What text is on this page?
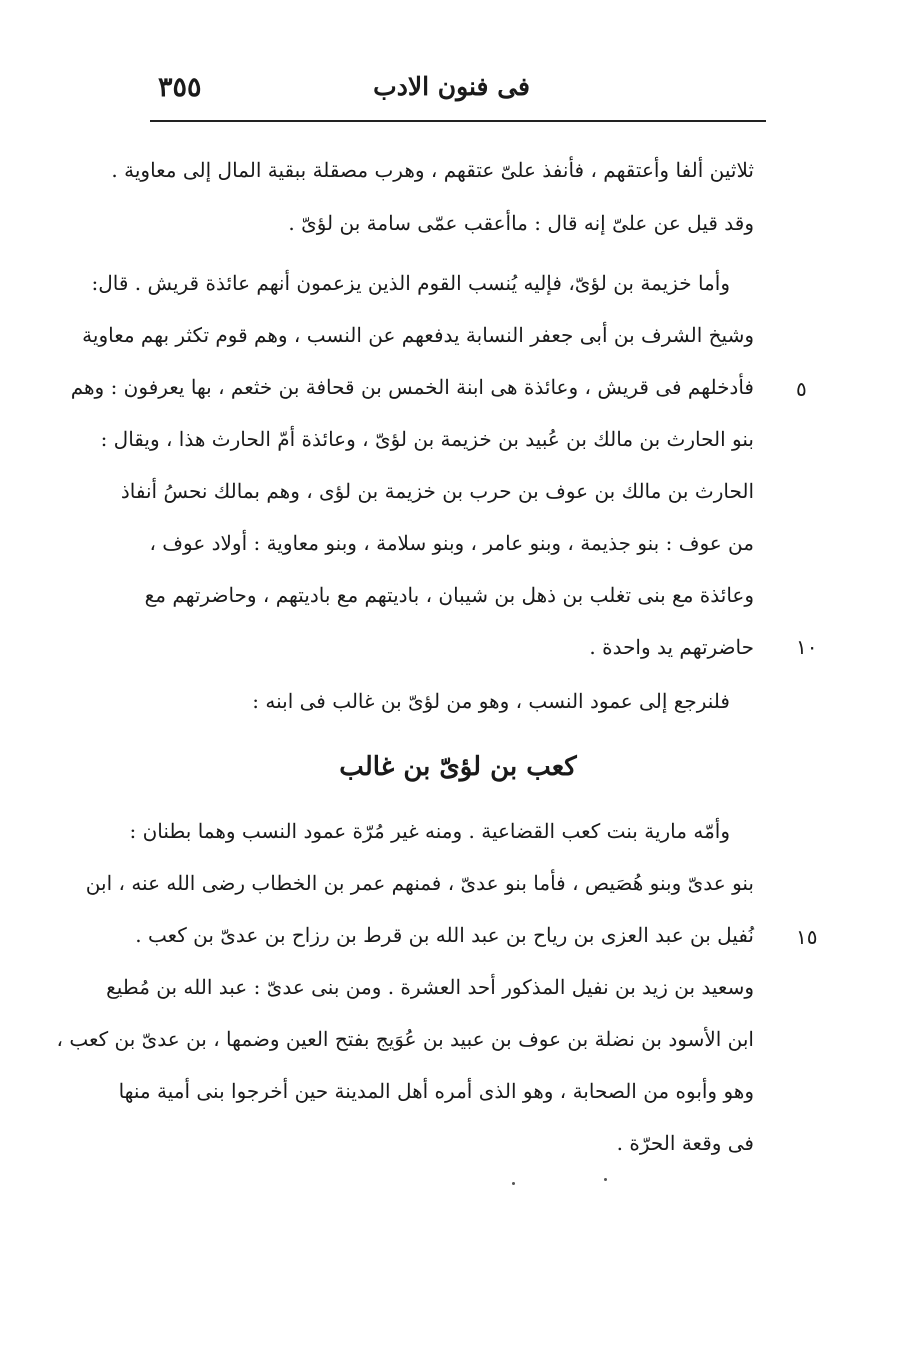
٣٥٥	فى فنون الادب
ثلاثين ألفا وأعتقهم ، فأنفذ علىّ عتقهم ، وهرب مصقلة ببقية المال إلى معاوية .
وقد قيل عن علىّ إنه قال : ماأعقب عمّى سامة بن لؤىّ .
وأما خزيمة بن لؤىّ، فإليه يُنسب القوم الذين يزعمون أنهم عائذة قريش . قال:
وشيخ الشرف بن أبى جعفر النسابة يدفعهم عن النسب ، وهم قوم تكثر بهم معاوية
فأدخلهم فى قريش ، وعائذة هى ابنة الخمس بن قحافة بن خثعم ، بها يعرفون : وهم
بنو الحارث بن مالك بن عُبيد بن خزيمة بن لؤىّ ، وعائذة أمّ الحارث هذا ، ويقال :
الحارث بن مالك بن عوف بن حرب بن خزيمة بن لؤى ، وهم بمالك نحسُ أنفاذ
من عوف : بنو جذيمة ، وبنو عامر ، وبنو سلامة ، وبنو معاوية : أولاد عوف ،
وعائذة مع بنى تغلب بن ذهل بن شيبان ، باديتهم مع باديتهم ، وحاضرتهم مع
حاضرتهم يد واحدة .
فلنرجع إلى عمود النسب ، وهو من لؤىّ بن غالب فى ابنه :
كعب بن لؤىّ بن غالب
وأمّه مارية بنت كعب القضاعية . ومنه غير مُرّة عمود النسب وهما بطنان :
بنو عدىّ وبنو هُصَيص ، فأما بنو عدىّ ، فمنهم عمر بن الخطاب رضى الله عنه ، ابن
نُفيل بن عبد العزى بن رياح بن عبد الله بن قرط بن رزاح بن عدىّ بن كعب .
وسعيد بن زيد بن نفيل المذكور أحد العشرة . ومن بنى عدىّ : عبد الله بن مُطيع
ابن الأسود بن نضلة بن عوف بن عبيد بن عُوَيج بفتح العين وضمها ، بن عدىّ بن كعب ،
وهو وأبوه من الصحابة ، وهو الذى أمره أهل المدينة حين أخرجوا بنى أمية منها
فى وقعة الحرّة .
٥
١٠
١٥
